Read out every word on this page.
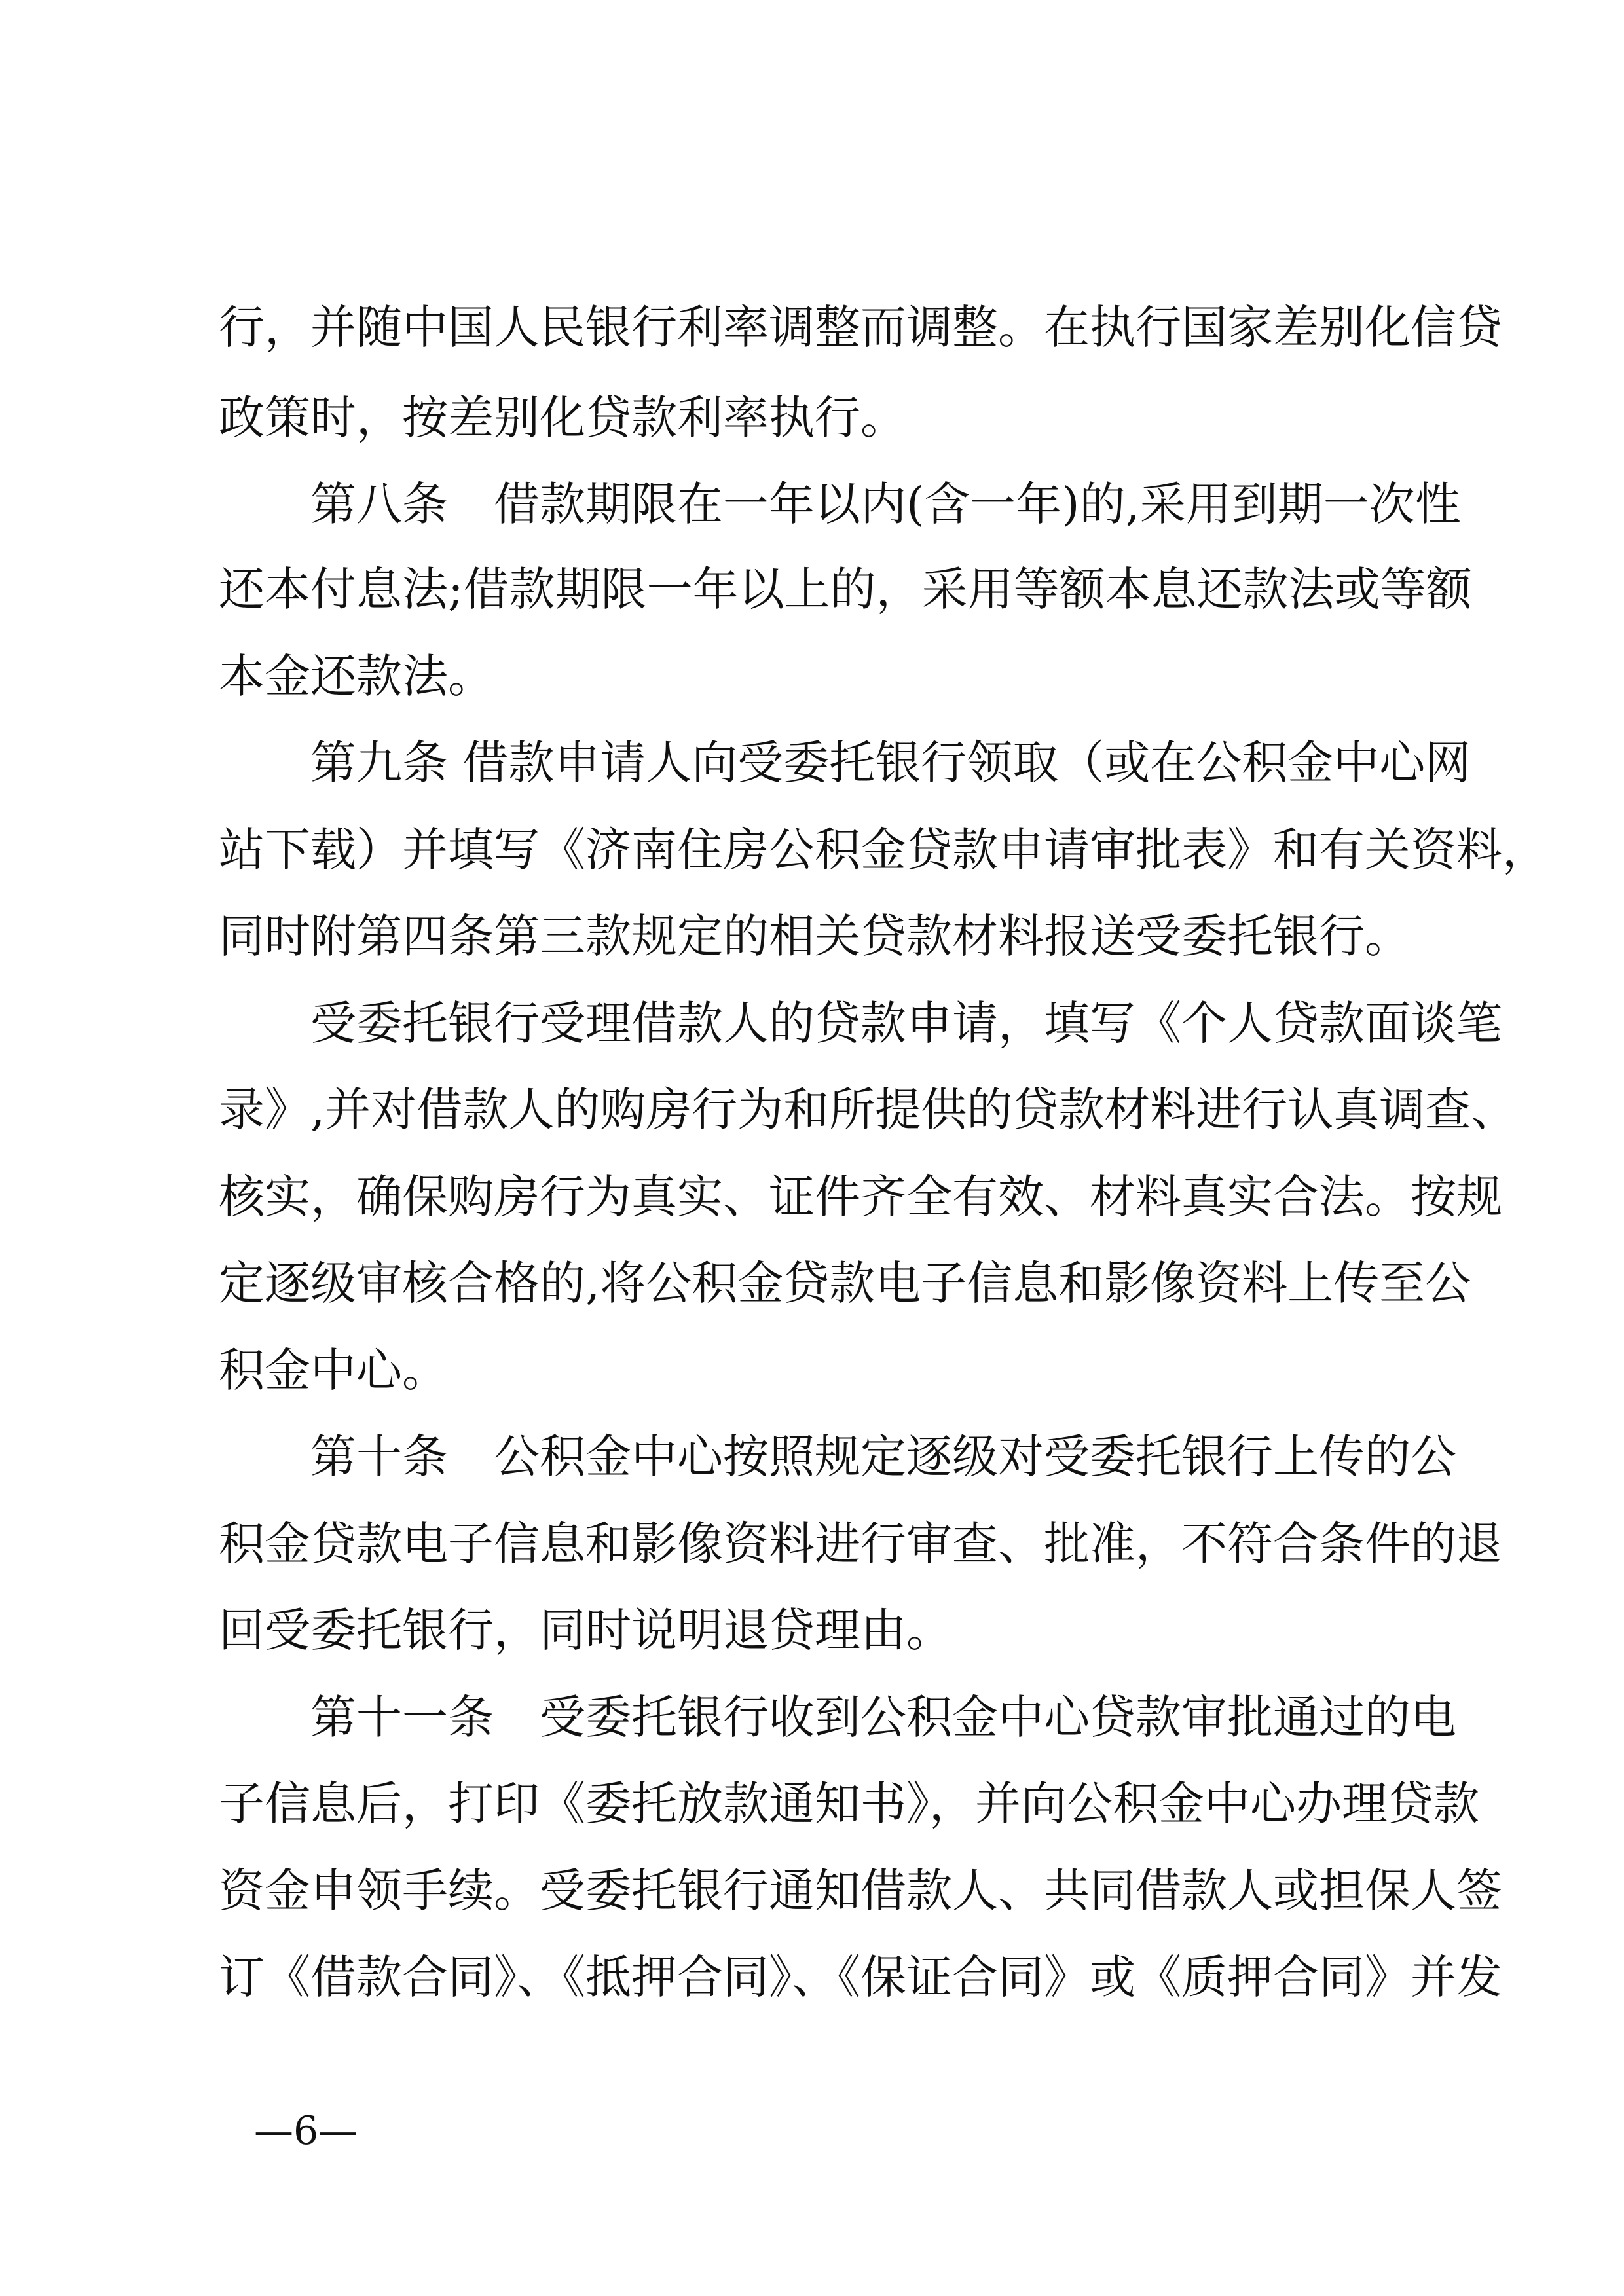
行，并随中国人民银行利率调整而调整。在执行国家差别化信贷
政策时，按差别化贷款利率执行。
第八条　借款期限在一年以内(含一年)的,采用到期一次性
还本付息法;借款期限一年以上的，采用等额本息还款法或等额
本金还款法。
第九条 借款申请人向受委托银行领取（或在公积金中心网
站下载）并填写《济南住房公积金贷款申请审批表》和有关资料，
同时附第四条第三款规定的相关贷款材料报送受委托银行。
受委托银行受理借款人的贷款申请，填写《个人贷款面谈笔
录》,并对借款人的购房行为和所提供的贷款材料进行认真调查、
核实，确保购房行为真实、证件齐全有效、材料真实合法。按规
定逐级审核合格的,将公积金贷款电子信息和影像资料上传至公
积金中心。
第十条　公积金中心按照规定逐级对受委托银行上传的公
积金贷款电子信息和影像资料进行审查、批准，不符合条件的退
回受委托银行，同时说明退贷理由。
第十一条　受委托银行收到公积金中心贷款审批通过的电
子信息后，打印《委托放款通知书》，并向公积金中心办理贷款
资金申领手续。受委托银行通知借款人、共同借款人或担保人签
订《借款合同》、《抵押合同》、《保证合同》或《质押合同》并发
—6—
